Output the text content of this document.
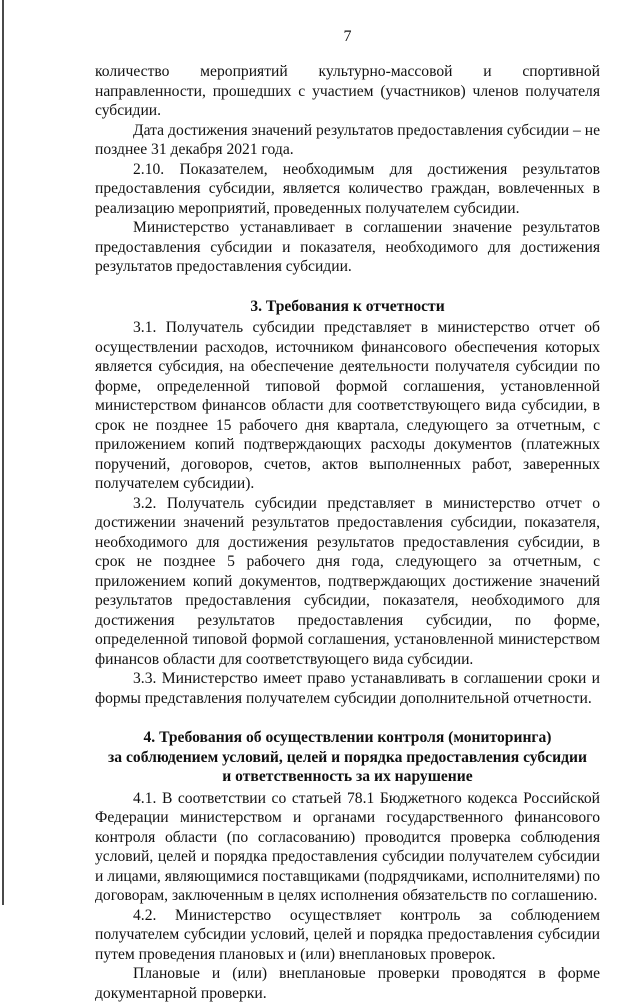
7

количество мероприятий культурно-массовой и спортивной направленности, прошедших с участием (участников) членов получателя субсидии.

Дата достижения значений результатов предоставления субсидии – не позднее 31 декабря 2021 года.

2.10. Показателем, необходимым для достижения результатов предоставления субсидии, является количество граждан, вовлеченных в реализацию мероприятий, проведенных получателем субсидии.

Министерство устанавливает в соглашении значение результатов предоставления субсидии и показателя, необходимого для достижения результатов предоставления субсидии.

3. Требования к отчетности

3.1. Получатель субсидии представляет в министерство отчет об осуществлении расходов, источником финансового обеспечения которых является субсидия, на обеспечение деятельности получателя субсидии по форме, определенной типовой формой соглашения, установленной министерством финансов области для соответствующего вида субсидии, в срок не позднее 15 рабочего дня квартала, следующего за отчетным, с приложением копий подтверждающих расходы документов (платежных поручений, договоров, счетов, актов выполненных работ, заверенных получателем субсидии).

3.2. Получатель субсидии представляет в министерство отчет о достижении значений результатов предоставления субсидии, показателя, необходимого для достижения результатов предоставления субсидии, в срок не позднее 5 рабочего дня года, следующего за отчетным, с приложением копий документов, подтверждающих достижение значений результатов предоставления субсидии, показателя, необходимого для достижения результатов предоставления субсидии, по форме, определенной типовой формой соглашения, установленной министерством финансов области для соответствующего вида субсидии.

3.3. Министерство имеет право устанавливать в соглашении сроки и формы представления получателем субсидии дополнительной отчетности.

4. Требования об осуществлении контроля (мониторинга)
за соблюдением условий, целей и порядка предоставления субсидии
и ответственность за их нарушение

4.1. В соответствии со статьей 78.1 Бюджетного кодекса Российской Федерации министерством и органами государственного финансового контроля области (по согласованию) проводится проверка соблюдения условий, целей и порядка предоставления субсидии получателем субсидии и лицами, являющимися поставщиками (подрядчиками, исполнителями) по договорам, заключенным в целях исполнения обязательств по соглашению.

4.2. Министерство осуществляет контроль за соблюдением получателем субсидии условий, целей и порядка предоставления субсидии путем проведения плановых и (или) внеплановых проверок.

Плановые и (или) внеплановые проверки проводятся в форме документарной проверки.
